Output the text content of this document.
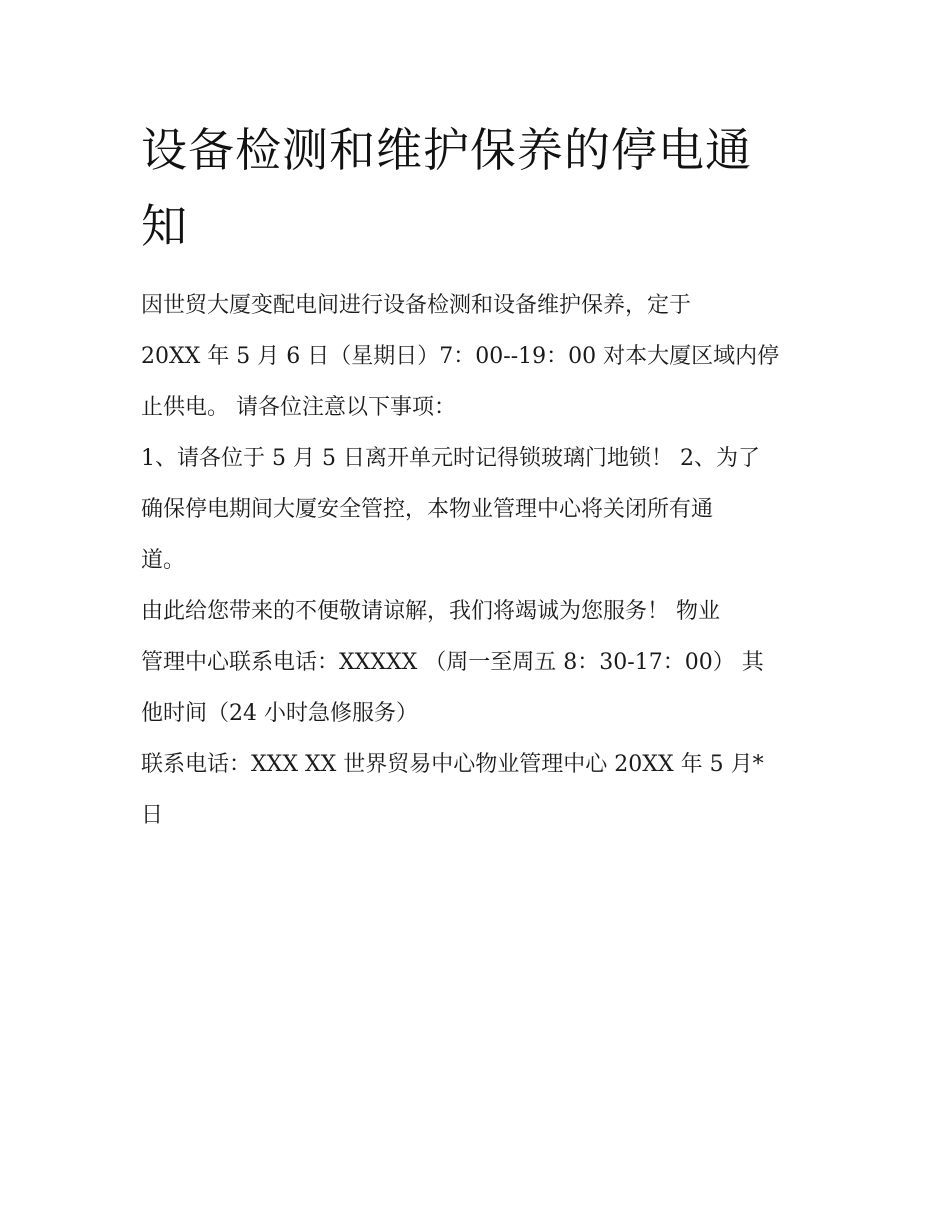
设备检测和维护保养的停电通
知

因世贸大厦变配电间进行设备检测和设备维护保养，定于
20XX 年 5 月 6 日（星期日）7：00--19：00 对本大厦区域内停
止供电。 请各位注意以下事项：

1、请各位于 5 月 5 日离开单元时记得锁玻璃门地锁！ 2、为了
确保停电期间大厦安全管控，本物业管理中心将关闭所有通
道。

由此给您带来的不便敬请谅解，我们将竭诚为您服务！ 物业
管理中心联系电话：XXXXX （周一至周五 8：30-17：00） 其
他时间（24 小时急修服务）

联系电话：XXX XX 世界贸易中心物业管理中心 20XX 年 5 月*
日
